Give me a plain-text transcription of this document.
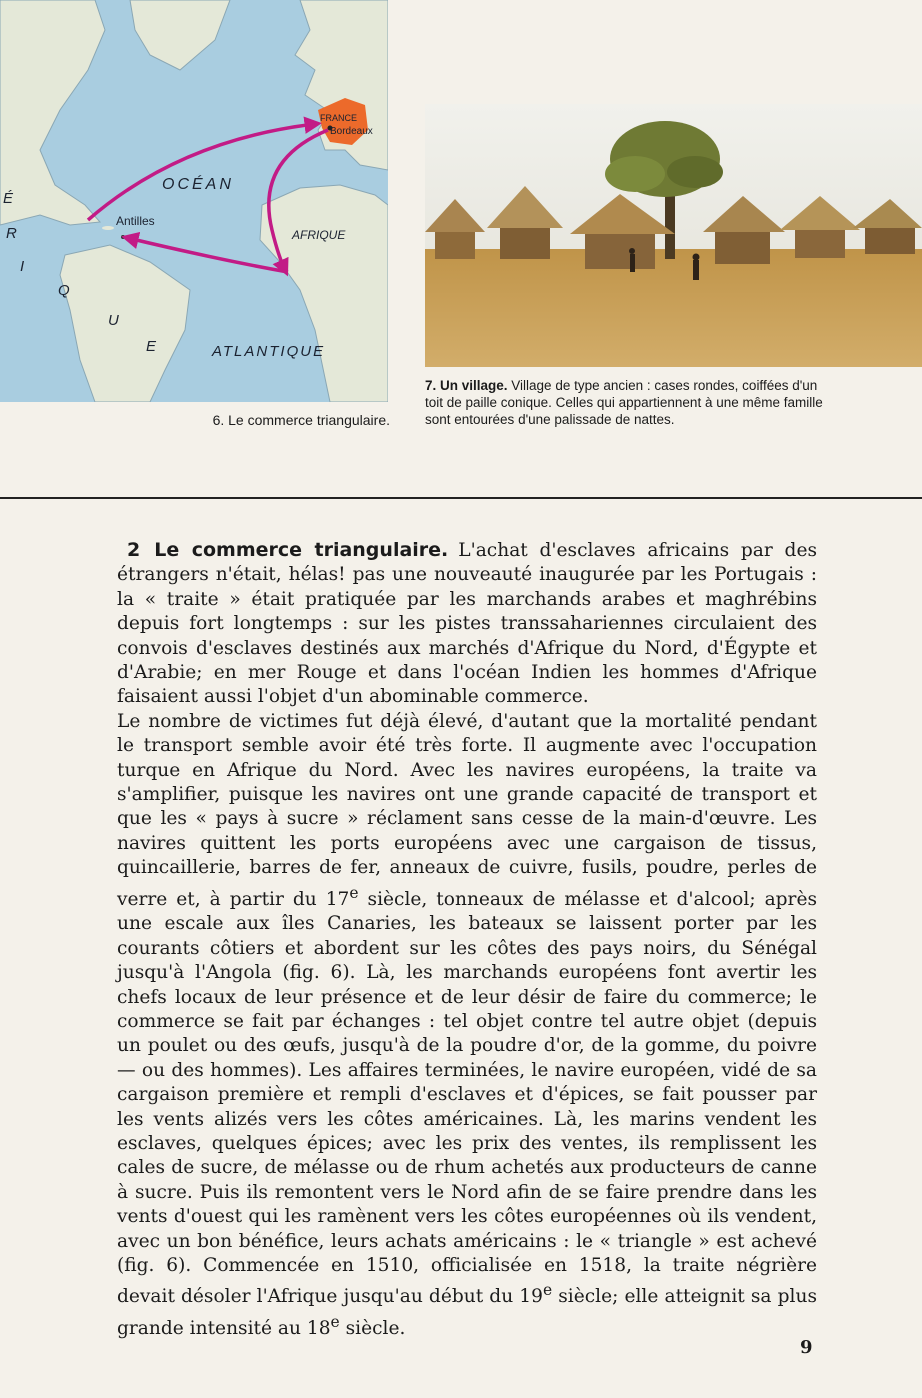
FRANCE
Bordeaux
OCÉAN
Antilles
AFRIQUE
ATLANTIQUE
É
R
I
Q
U
E
6. Le commerce triangulaire.
7. Un village. Village de type ancien : cases rondes, coiffées d'un toit de paille conique. Celles qui appartiennent à une même famille sont entourées d'une palissade de nattes.

2 Le commerce triangulaire. L'achat d'esclaves africains par des étrangers n'était, hélas! pas une nouveauté inaugurée par les Portugais : la « traite » était pratiquée par les marchands arabes et maghrébins depuis fort longtemps : sur les pistes transsahariennes circulaient des convois d'esclaves destinés aux marchés d'Afrique du Nord, d'Égypte et d'Arabie; en mer Rouge et dans l'océan Indien les hommes d'Afrique faisaient aussi l'objet d'un abominable commerce.

Le nombre de victimes fut déjà élevé, d'autant que la mortalité pendant le transport semble avoir été très forte. Il augmente avec l'occupation turque en Afrique du Nord. Avec les navires européens, la traite va s'amplifier, puisque les navires ont une grande capacité de transport et que les « pays à sucre » réclament sans cesse de la main-d'œuvre. Les navires quittent les ports européens avec une cargaison de tissus, quincaillerie, barres de fer, anneaux de cuivre, fusils, poudre, perles de verre et, à partir du 17e siècle, tonneaux de mélasse et d'alcool; après une escale aux îles Canaries, les bateaux se laissent porter par les courants côtiers et abordent sur les côtes des pays noirs, du Sénégal jusqu'à l'Angola (fig. 6). Là, les marchands européens font avertir les chefs locaux de leur présence et de leur désir de faire du commerce; le commerce se fait par échanges : tel objet contre tel autre objet (depuis un poulet ou des œufs, jusqu'à de la poudre d'or, de la gomme, du poivre — ou des hommes). Les affaires terminées, le navire européen, vidé de sa cargaison première et rempli d'esclaves et d'épices, se fait pousser par les vents alizés vers les côtes américaines. Là, les marins vendent les esclaves, quelques épices; avec les prix des ventes, ils remplissent les cales de sucre, de mélasse ou de rhum achetés aux producteurs de canne à sucre. Puis ils remontent vers le Nord afin de se faire prendre dans les vents d'ouest qui les ramènent vers les côtes européennes où ils vendent, avec un bon bénéfice, leurs achats américains : le « triangle » est achevé (fig. 6). Commencée en 1510, officialisée en 1518, la traite négrière devait désoler l'Afrique jusqu'au début du 19e siècle; elle atteignit sa plus grande intensité au 18e siècle.

9
